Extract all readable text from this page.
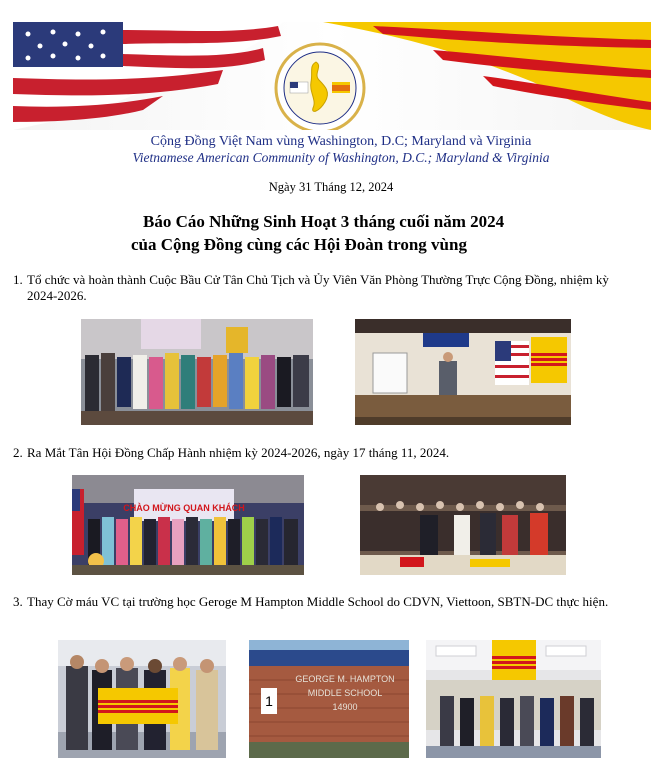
Cộng Đồng Việt Nam vùng Washington, D.C; Maryland và Virginia
Vietnamese American Community of Washington, D.C.; Maryland & Virginia
Ngày 31 Tháng 12, 2024
Báo Cáo Những Sinh Hoạt 3 tháng cuối năm 2024
của Cộng Đồng cùng các Hội Đoàn trong vùng
1. Tổ chức và hoàn thành Cuộc Bầu Cử Tân Chủ Tịch và Ủy Viên Văn Phòng Thường Trực Cộng Đồng, nhiệm kỳ 2024-2026.
2. Ra Mắt Tân Hội Đồng Chấp Hành nhiệm kỳ 2024-2026, ngày 17 tháng 11, 2024.
CHÀO MỪNG QUAN KHÁCH
3. Thay Cờ máu VC tại trường học Geroge M Hampton Middle School do CDVN, Viettoon, SBTN-DC thực hiện.
1
GEORGE M. HAMPTON
MIDDLE SCHOOL
14900
